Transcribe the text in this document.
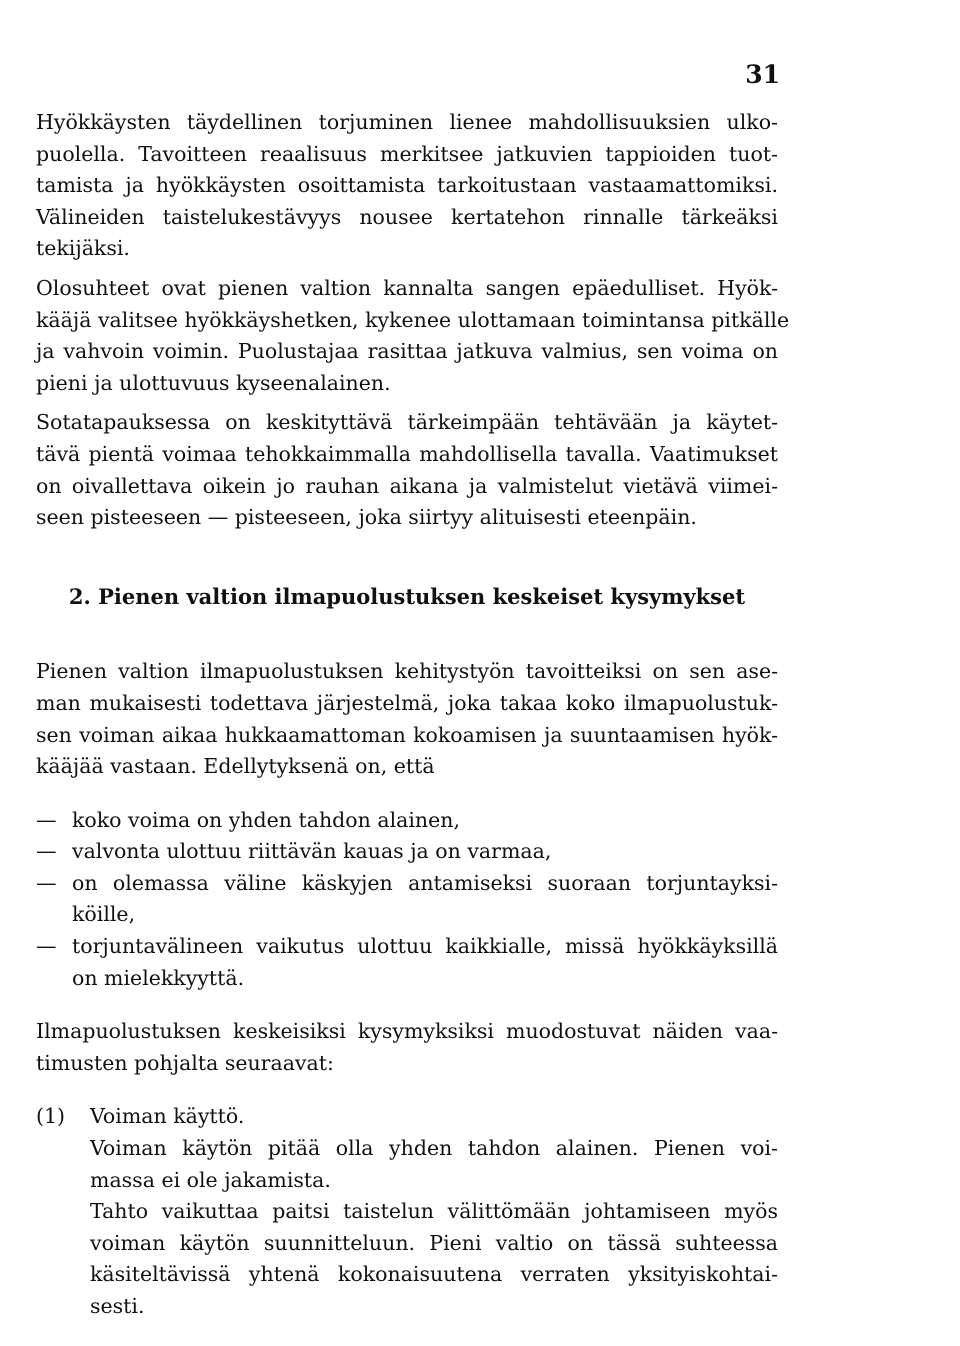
31
Hyökkäysten täydellinen torjuminen lienee mahdollisuuksien ulko-
puolella. Tavoitteen reaalisuus merkitsee jatkuvien tappioiden tuot-
tamista ja hyökkäysten osoittamista tarkoitustaan vastaamattomiksi.
Välineiden taistelukestävyys nousee kertatehon rinnalle tärkeäksi
tekijäksi.
Olosuhteet ovat pienen valtion kannalta sangen epäedulliset. Hyök-
kääjä valitsee hyökkäyshetken, kykenee ulottamaan toimintansa pitkälle
ja vahvoin voimin. Puolustajaa rasittaa jatkuva valmius, sen voima on
pieni ja ulottuvuus kyseenalainen.
Sotatapauksessa on keskityttävä tärkeimpään tehtävään ja käytet-
tävä pientä voimaa tehokkaimmalla mahdollisella tavalla. Vaatimukset
on oivallettava oikein jo rauhan aikana ja valmistelut vietävä viimei-
seen pisteeseen — pisteeseen, joka siirtyy alituisesti eteenpäin.
2. Pienen valtion ilmapuolustuksen keskeiset kysymykset
Pienen valtion ilmapuolustuksen kehitystyön tavoitteiksi on sen ase-
man mukaisesti todettava järjestelmä, joka takaa koko ilmapuolustuk-
sen voiman aikaa hukkaamattoman kokoamisen ja suuntaamisen hyök-
kääjää vastaan. Edellytyksenä on, että
— koko voima on yhden tahdon alainen,
— valvonta ulottuu riittävän kauas ja on varmaa,
— on olemassa väline käskyjen antamiseksi suoraan torjuntayksi-
köille,
— torjuntavälineen vaikutus ulottuu kaikkialle, missä hyökkäyksillä
on mielekkyyttä.
Ilmapuolustuksen keskeisiksi kysymyksiksi muodostuvat näiden vaa-
timusten pohjalta seuraavat:
(1) Voiman käyttö.
Voiman käytön pitää olla yhden tahdon alainen. Pienen voi-
massa ei ole jakamista.
Tahto vaikuttaa paitsi taistelun välittömään johtamiseen myös
voiman käytön suunnitteluun. Pieni valtio on tässä suhteessa
käsiteltävissä yhtenä kokonaisuutena verraten yksityiskohtai-
sesti.
